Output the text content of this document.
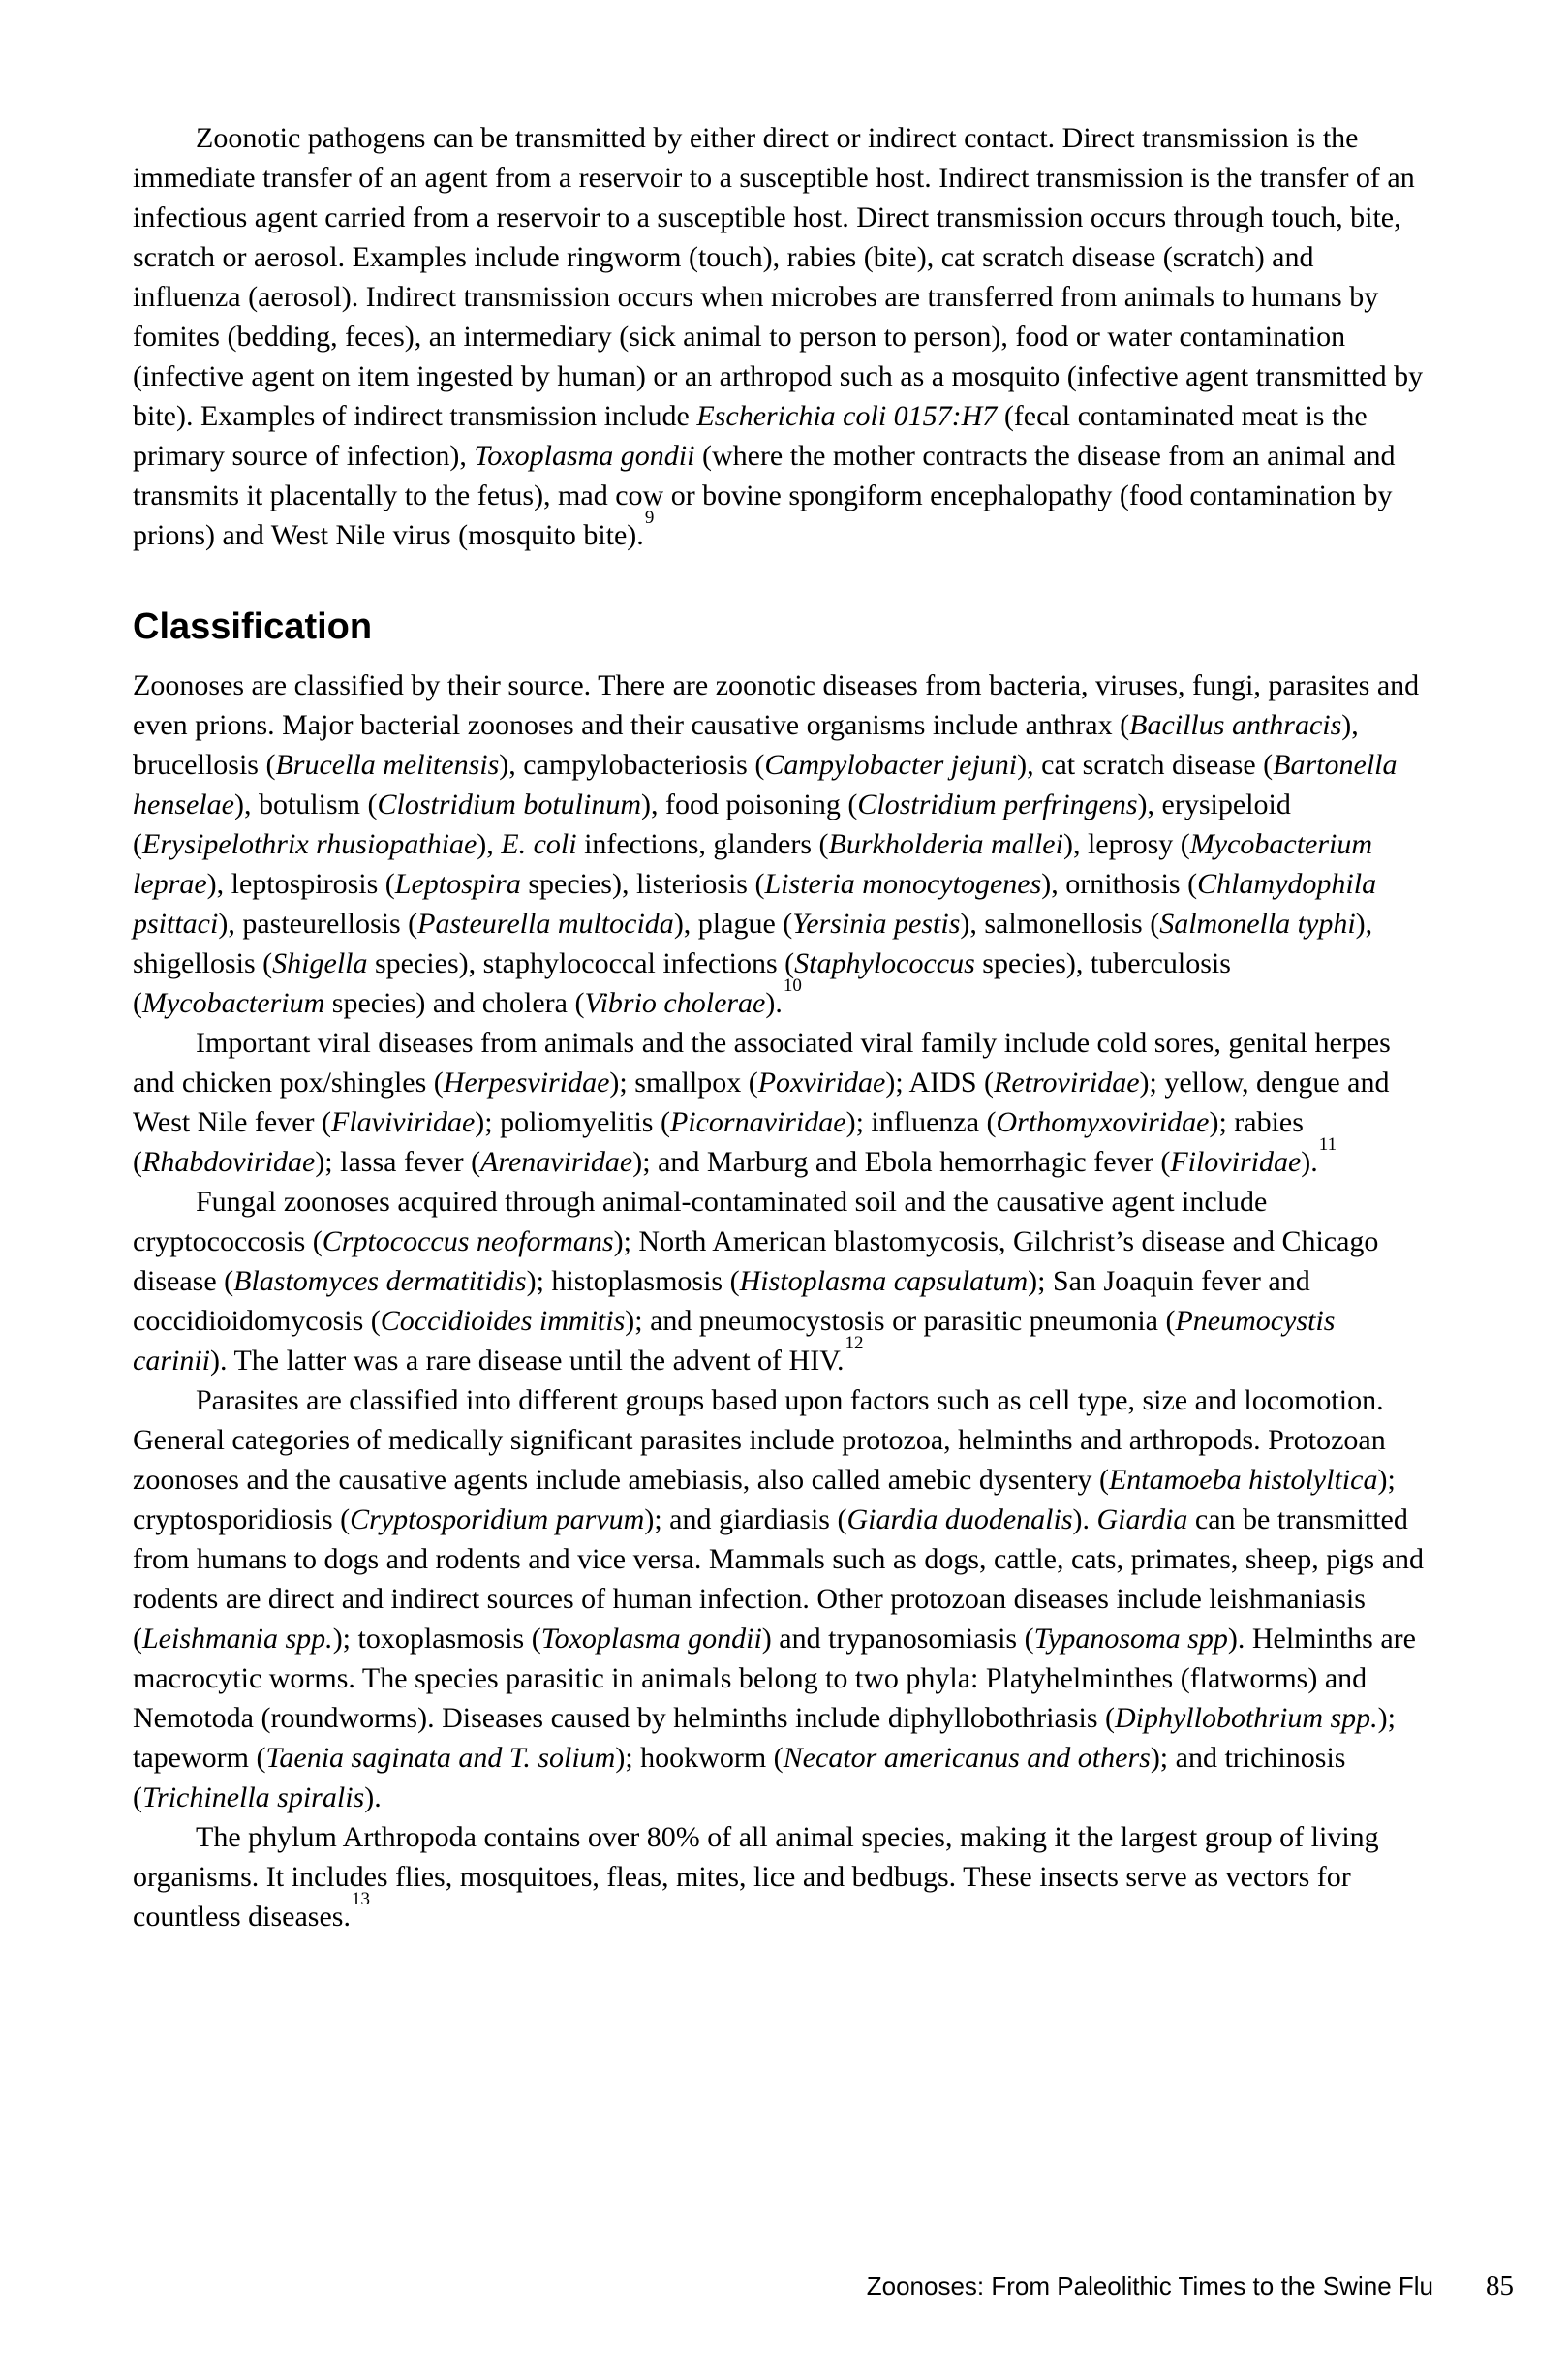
Zoonotic pathogens can be transmitted by either direct or indirect contact. Direct transmission is the immediate transfer of an agent from a reservoir to a susceptible host. Indirect transmission is the transfer of an infectious agent carried from a reservoir to a susceptible host. Direct transmission occurs through touch, bite, scratch or aerosol. Examples include ringworm (touch), rabies (bite), cat scratch disease (scratch) and influenza (aerosol). Indirect transmission occurs when microbes are transferred from animals to humans by fomites (bedding, feces), an intermediary (sick animal to person to person), food or water contamination (infective agent on item ingested by human) or an arthropod such as a mosquito (infective agent transmitted by bite). Examples of indirect transmission include Escherichia coli 0157:H7 (fecal contaminated meat is the primary source of infection), Toxoplasma gondii (where the mother contracts the disease from an animal and transmits it placentally to the fetus), mad cow or bovine spongiform encephalopathy (food contamination by prions) and West Nile virus (mosquito bite).$^9$

Classification

Zoonoses are classified by their source. There are zoonotic diseases from bacteria, viruses, fungi, parasites and even prions. Major bacterial zoonoses and their causative organisms include anthrax (Bacillus anthracis), brucellosis (Brucella melitensis), campylobacteriosis (Campylobacter jejuni), cat scratch disease (Bartonella henselae), botulism (Clostridium botulinum), food poisoning (Clostridium perfringens), erysipeloid (Erysipelothrix rhusiopathiae), E. coli infections, glanders (Burkholderia mallei), leprosy (Mycobacterium leprae), leptospirosis (Leptospira species), listeriosis (Listeria monocytogenes), ornithosis (Chlamydophila psittaci), pasteurellosis (Pasteurella multocida), plague (Yersinia pestis), salmonellosis (Salmonella typhi), shigellosis (Shigella species), staphylococcal infections (Staphylococcus species), tuberculosis (Mycobacterium species) and cholera (Vibrio cholerae).$^{10}$

Important viral diseases from animals and the associated viral family include cold sores, genital herpes and chicken pox/shingles (Herpesviridae); smallpox (Poxviridae); AIDS (Retroviridae); yellow, dengue and West Nile fever (Flaviviridae); poliomyelitis (Picornaviridae); influenza (Orthomyxoviridae); rabies (Rhabdoviridae); lassa fever (Arenaviridae); and Marburg and Ebola hemorrhagic fever (Filoviridae).$^{11}$

Fungal zoonoses acquired through animal-contaminated soil and the causative agent include cryptococcosis (Crptococcus neoformans); North American blastomycosis, Gilchrist’s disease and Chicago disease (Blastomyces dermatitidis); histoplasmosis (Histoplasma capsulatum); San Joaquin fever and coccidioidomycosis (Coccidioides immitis); and pneumocystosis or parasitic pneumonia (Pneumocystis carinii). The latter was a rare disease until the advent of HIV.$^{12}$

Parasites are classified into different groups based upon factors such as cell type, size and locomotion. General categories of medically significant parasites include protozoa, helminths and arthropods. Protozoan zoonoses and the causative agents include amebiasis, also called amebic dysentery (Entamoeba histolyltica); cryptosporidiosis (Cryptosporidium parvum); and giardiasis (Giardia duodenalis). Giardia can be transmitted from humans to dogs and rodents and vice versa. Mammals such as dogs, cattle, cats, primates, sheep, pigs and rodents are direct and indirect sources of human infection. Other protozoan diseases include leishmaniasis (Leishmania spp.); toxoplasmosis (Toxoplasma gondii) and trypanosomiasis (Typanosoma spp). Helminths are macrocytic worms. The species parasitic in animals belong to two phyla: Platyhelminthes (flatworms) and Nemotoda (roundworms). Diseases caused by helminths include diphyllobothriasis (Diphyllobothrium spp.); tapeworm (Taenia saginata and T. solium); hookworm (Necator americanus and others); and trichinosis (Trichinella spiralis).

The phylum Arthropoda contains over 80% of all animal species, making it the largest group of living organisms. It includes flies, mosquitoes, fleas, mites, lice and bedbugs. These insects serve as vectors for countless diseases.$^{13}$

Zoonoses: From Paleolithic Times to the Swine Flu 85
